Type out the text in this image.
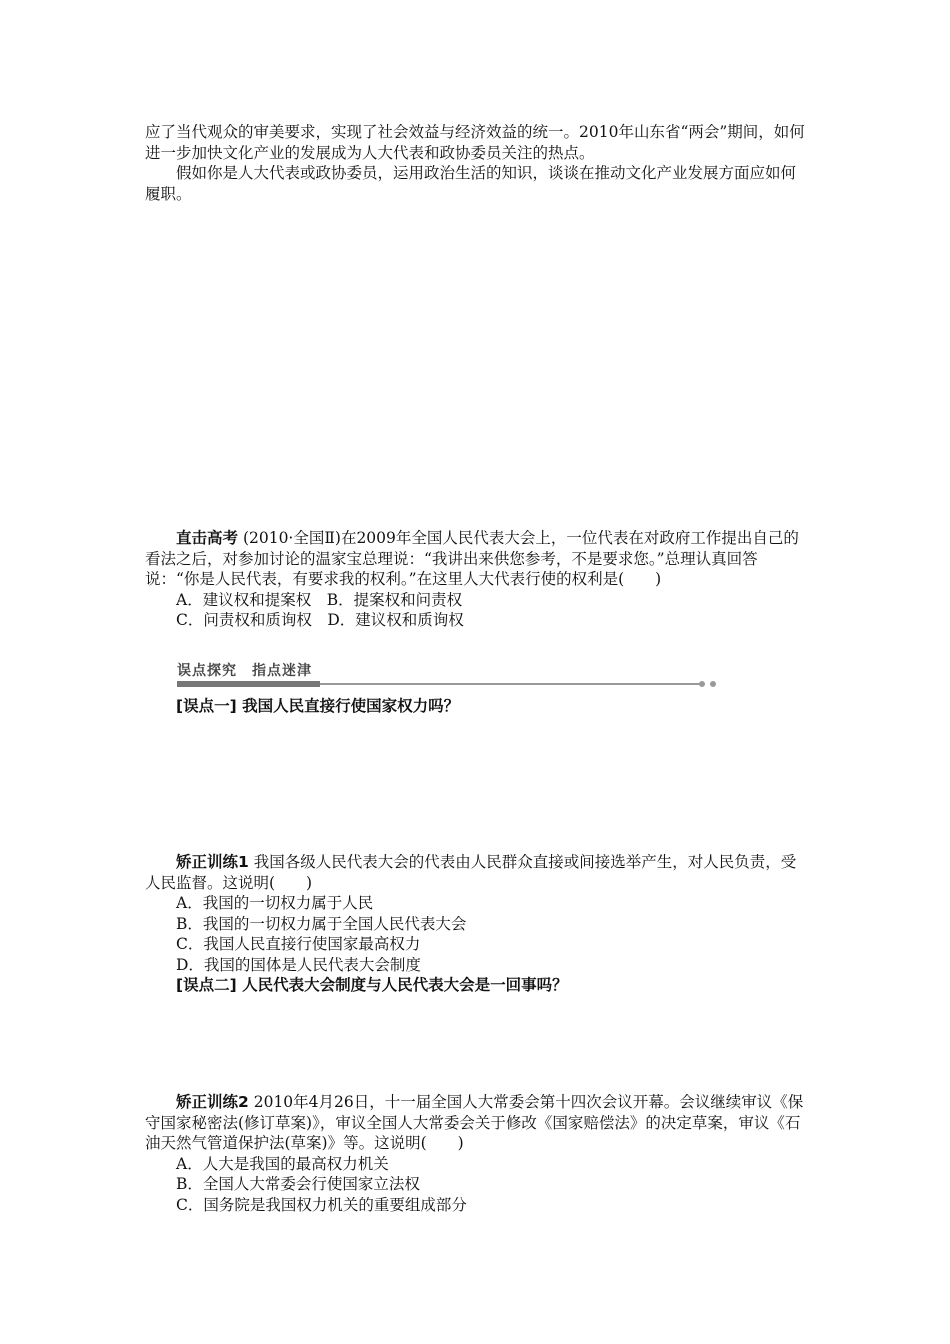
应了当代观众的审美要求，实现了社会效益与经济效益的统一。2010年山东省“两会”期间，如何进一步加快文化产业的发展成为人大代表和政协委员关注的热点。

假如你是人大代表或政协委员，运用政治生活的知识，谈谈在推动文化产业发展方面应如何履职。

直击高考 (2010·全国Ⅱ)在2009年全国人民代表大会上，一位代表在对政府工作提出自己的看法之后，对参加讨论的温家宝总理说：“我讲出来供您参考，不是要求您。”总理认真回答说：“你是人民代表，有要求我的权利。”在这里人大代表行使的权利是(　　)

A．建议权和提案权　B．提案权和问责权

C．问责权和质询权　D．建议权和质询权

误点探究　指点迷津

[误点一] 我国人民直接行使国家权力吗？

矫正训练1 我国各级人民代表大会的代表由人民群众直接或间接选举产生，对人民负责，受人民监督。这说明(　　)

A．我国的一切权力属于人民

B．我国的一切权力属于全国人民代表大会

C．我国人民直接行使国家最高权力

D．我国的国体是人民代表大会制度

[误点二] 人民代表大会制度与人民代表大会是一回事吗？

矫正训练2 2010年4月26日，十一届全国人大常委会第十四次会议开幕。会议继续审议《保守国家秘密法(修订草案)》，审议全国人大常委会关于修改《国家赔偿法》的决定草案，审议《石油天然气管道保护法(草案)》等。这说明(　　)

A．人大是我国的最高权力机关

B．全国人大常委会行使国家立法权

C．国务院是我国权力机关的重要组成部分
